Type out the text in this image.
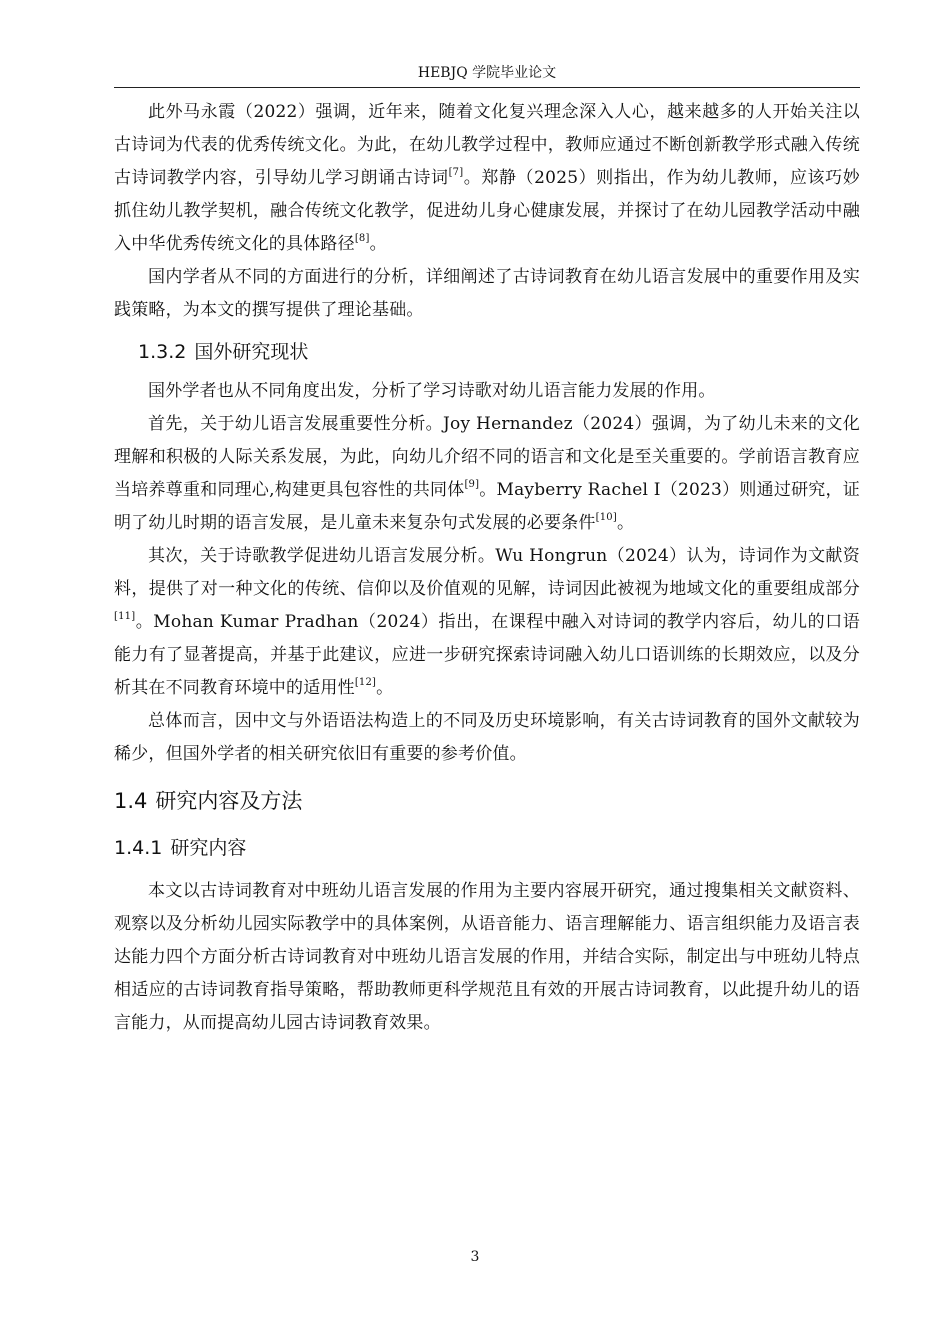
HEBJQ 学院毕业论文

此外马永霞（2022）强调，近年来，随着文化复兴理念深入人心，越来越多的人开始关注以古诗词为代表的优秀传统文化。为此，在幼儿教学过程中，教师应通过不断创新教学形式融入传统古诗词教学内容，引导幼儿学习朗诵古诗词[7]。郑静（2025）则指出，作为幼儿教师，应该巧妙抓住幼儿教学契机，融合传统文化教学，促进幼儿身心健康发展，并探讨了在幼儿园教学活动中融入中华优秀传统文化的具体路径[8]。

国内学者从不同的方面进行的分析，详细阐述了古诗词教育在幼儿语言发展中的重要作用及实践策略，为本文的撰写提供了理论基础。

1.3.2 国外研究现状

国外学者也从不同角度出发，分析了学习诗歌对幼儿语言能力发展的作用。

首先，关于幼儿语言发展重要性分析。Joy Hernandez（2024）强调，为了幼儿未来的文化理解和积极的人际关系发展，为此，向幼儿介绍不同的语言和文化是至关重要的。学前语言教育应当培养尊重和同理心,构建更具包容性的共同体[9]。Mayberry Rachel I（2023）则通过研究，证明了幼儿时期的语言发展，是儿童未来复杂句式发展的必要条件[10]。

其次，关于诗歌教学促进幼儿语言发展分析。Wu Hongrun（2024）认为，诗词作为文献资料，提供了对一种文化的传统、信仰以及价值观的见解，诗词因此被视为地域文化的重要组成部分[11]。Mohan Kumar Pradhan（2024）指出，在课程中融入对诗词的教学内容后，幼儿的口语能力有了显著提高，并基于此建议，应进一步研究探索诗词融入幼儿口语训练的长期效应，以及分析其在不同教育环境中的适用性[12]。

总体而言，因中文与外语语法构造上的不同及历史环境影响，有关古诗词教育的国外文献较为稀少，但国外学者的相关研究依旧有重要的参考价值。

1.4 研究内容及方法
1.4.1 研究内容

本文以古诗词教育对中班幼儿语言发展的作用为主要内容展开研究，通过搜集相关文献资料、观察以及分析幼儿园实际教学中的具体案例，从语音能力、语言理解能力、语言组织能力及语言表达能力四个方面分析古诗词教育对中班幼儿语言发展的作用，并结合实际，制定出与中班幼儿特点相适应的古诗词教育指导策略，帮助教师更科学规范且有效的开展古诗词教育，以此提升幼儿的语言能力，从而提高幼儿园古诗词教育效果。

3
